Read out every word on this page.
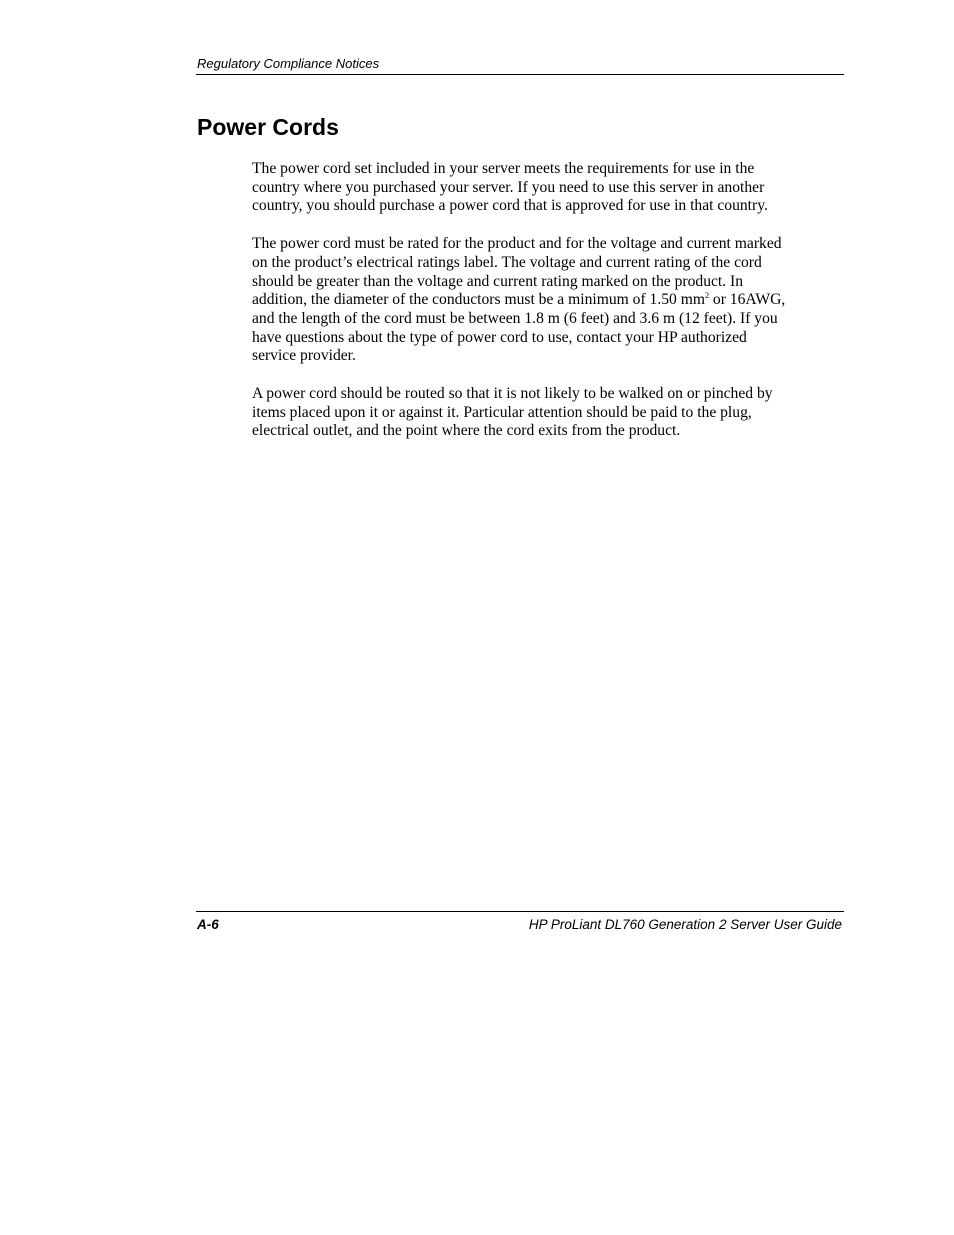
Regulatory Compliance Notices
Power Cords

The power cord set included in your server meets the requirements for use in the
country where you purchased your server. If you need to use this server in another
country, you should purchase a power cord that is approved for use in that country.

The power cord must be rated for the product and for the voltage and current marked
on the product’s electrical ratings label. The voltage and current rating of the cord
should be greater than the voltage and current rating marked on the product. In
addition, the diameter of the conductors must be a minimum of 1.50 $mm^2$ or 16AWG,
and the length of the cord must be between 1.8 m (6 feet) and 3.6 m (12 feet). If you
have questions about the type of power cord to use, contact your HP authorized
service provider.

A power cord should be routed so that it is not likely to be walked on or pinched by
items placed upon it or against it. Particular attention should be paid to the plug,
electrical outlet, and the point where the cord exits from the product.

A-6	HP ProLiant DL760 Generation 2 Server User Guide
